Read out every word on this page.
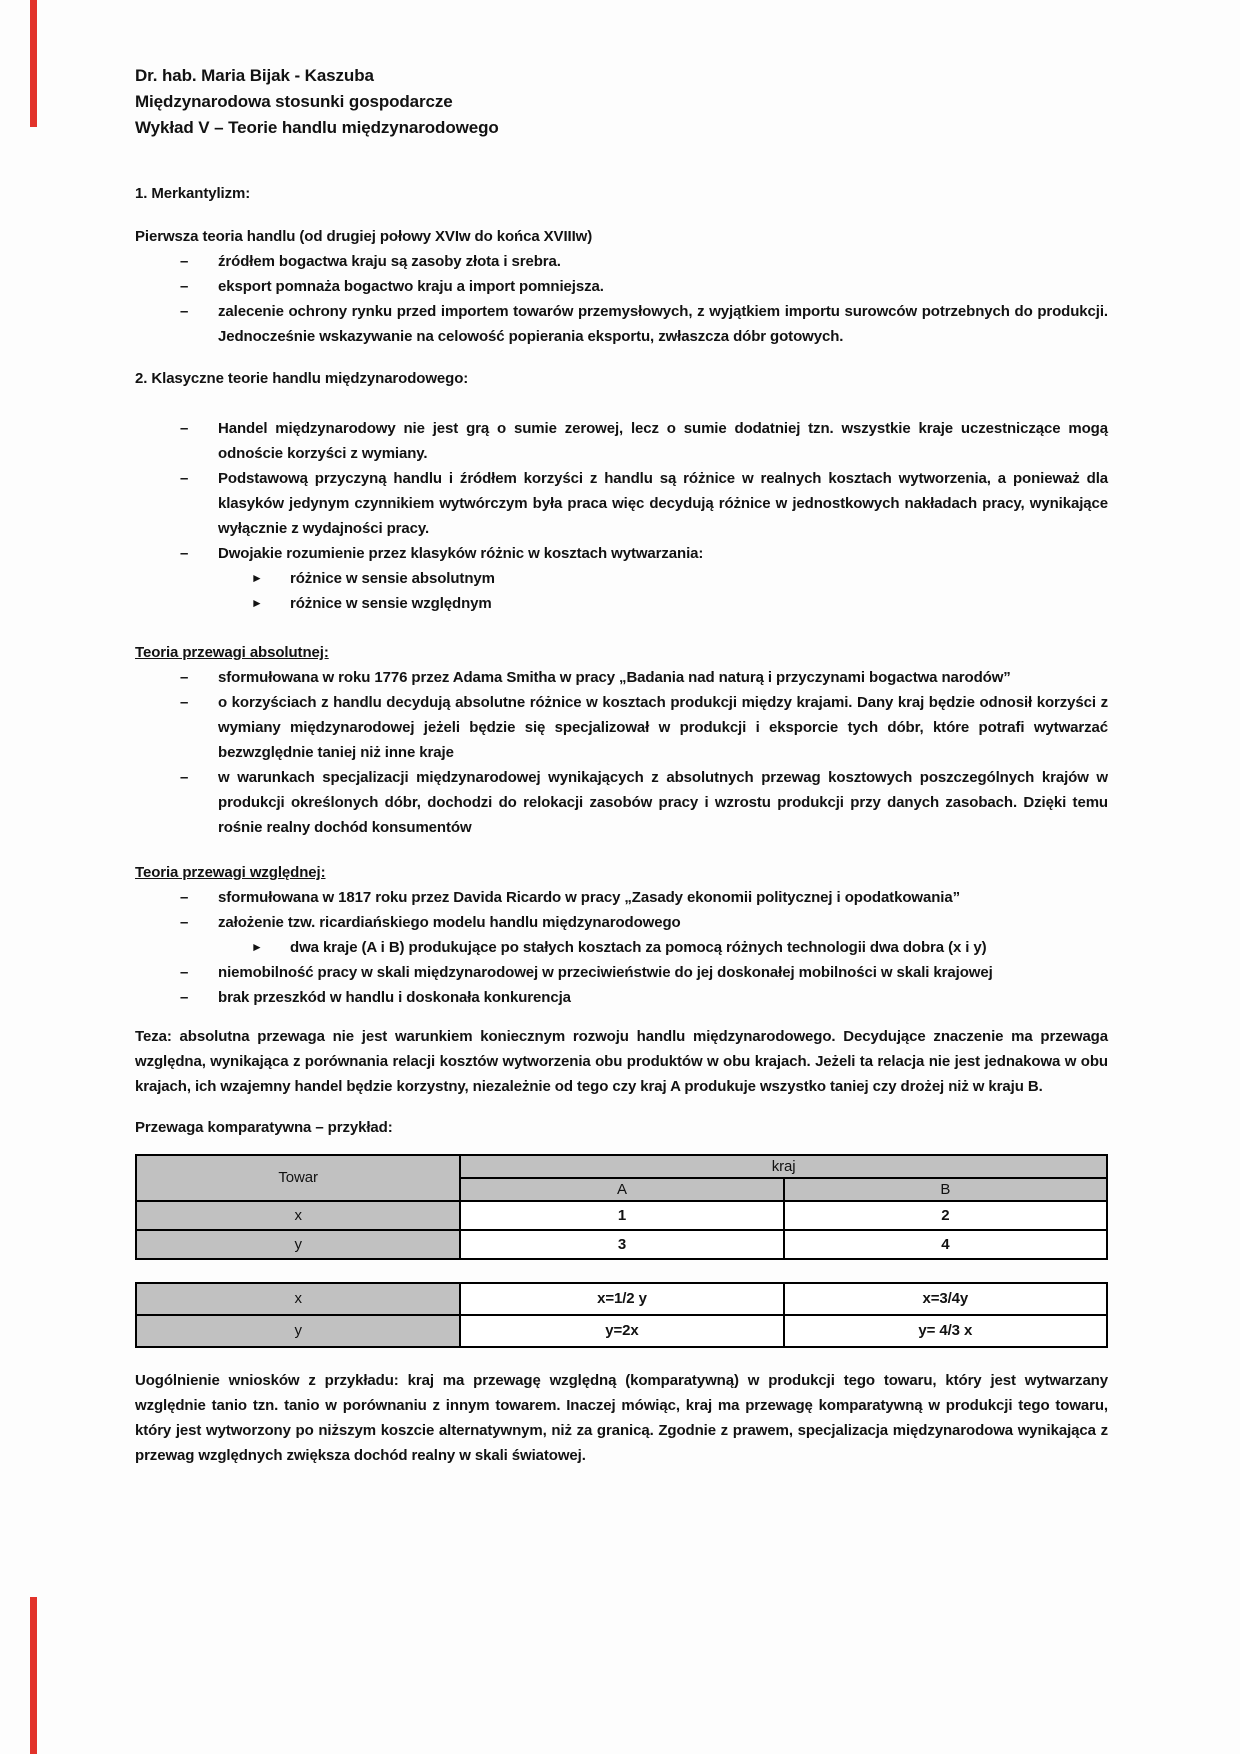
Dr. hab. Maria Bijak - Kaszuba
Międzynarodowa stosunki gospodarcze
Wykład V – Teorie handlu międzynarodowego
1. Merkantylizm:

Pierwsza teoria handlu (od drugiej połowy XVIw do końca XVIIIw)

– źródłem bogactwa kraju są zasoby złota i srebra.
– eksport pomnaża bogactwo kraju a import pomniejsza.
– zalecenie ochrony rynku przed importem towarów przemysłowych, z wyjątkiem importu surowców potrzebnych do produkcji. Jednocześnie wskazywanie na celowość popierania eksportu, zwłaszcza dóbr gotowych.
2. Klasyczne teorie handlu międzynarodowego:
– Handel międzynarodowy nie jest grą o sumie zerowej, lecz o sumie dodatniej tzn. wszystkie kraje uczestniczące mogą odnoście korzyści z wymiany.
– Podstawową przyczyną handlu i źródłem korzyści z handlu są różnice w realnych kosztach wytworzenia, a ponieważ dla klasyków jedynym czynnikiem wytwórczym była praca więc decydują różnice w jednostkowych nakładach pracy, wynikające wyłącznie z wydajności pracy.
– Dwojakie rozumienie przez klasyków różnic w kosztach wytwarzania:
► różnice w sensie absolutnym
► różnice w sensie względnym

Teoria przewagi absolutnej:

– sformułowana w roku 1776 przez Adama Smitha w pracy „Badania nad naturą i przyczynami bogactwa narodów”
– o korzyściach z handlu decydują absolutne różnice w kosztach produkcji między krajami. Dany kraj będzie odnosił korzyści z wymiany międzynarodowej jeżeli będzie się specjalizował w produkcji i eksporcie tych dóbr, które potrafi wytwarzać bezwzględnie taniej niż inne kraje
– w warunkach specjalizacji międzynarodowej wynikających z absolutnych przewag kosztowych poszczególnych krajów w produkcji określonych dóbr, dochodzi do relokacji zasobów pracy i wzrostu produkcji przy danych zasobach. Dzięki temu rośnie realny dochód konsumentów

Teoria przewagi względnej:

– sformułowana w 1817 roku przez Davida Ricardo w pracy „Zasady ekonomii politycznej i opodatkowania”
– założenie tzw. ricardiańskiego modelu handlu międzynarodowego
► dwa kraje (A i B) produkujące po stałych kosztach za pomocą różnych technologii dwa dobra (x i y)
– niemobilność pracy w skali międzynarodowej w przeciwieństwie do jej doskonałej mobilności w skali krajowej
– brak przeszkód w handlu i doskonała konkurencja

Teza: absolutna przewaga nie jest warunkiem koniecznym rozwoju handlu międzynarodowego. Decydujące znaczenie ma przewaga względna, wynikająca z porównania relacji kosztów wytworzenia obu produktów w obu krajach. Jeżeli ta relacja nie jest jednakowa w obu krajach, ich wzajemny handel będzie korzystny, niezależnie od tego czy kraj A produkuje wszystko taniej czy drożej niż w kraju B.

Przewaga komparatywna – przykład:

Towar	kraj	
	A	B
x	1	2
y	3	4
x	x=1/2 y	x=3/4y
y	y=2x	y= 4/3 x

Uogólnienie wniosków z przykładu: kraj ma przewagę względną (komparatywną) w produkcji tego towaru, który jest wytwarzany względnie tanio tzn. tanio w porównaniu z innym towarem. Inaczej mówiąc, kraj ma przewagę komparatywną w produkcji tego towaru, który jest wytworzony po niższym koszcie alternatywnym, niż za granicą. Zgodnie z prawem, specjalizacja międzynarodowa wynikająca z przewag względnych zwiększa dochód realny w skali światowej.
